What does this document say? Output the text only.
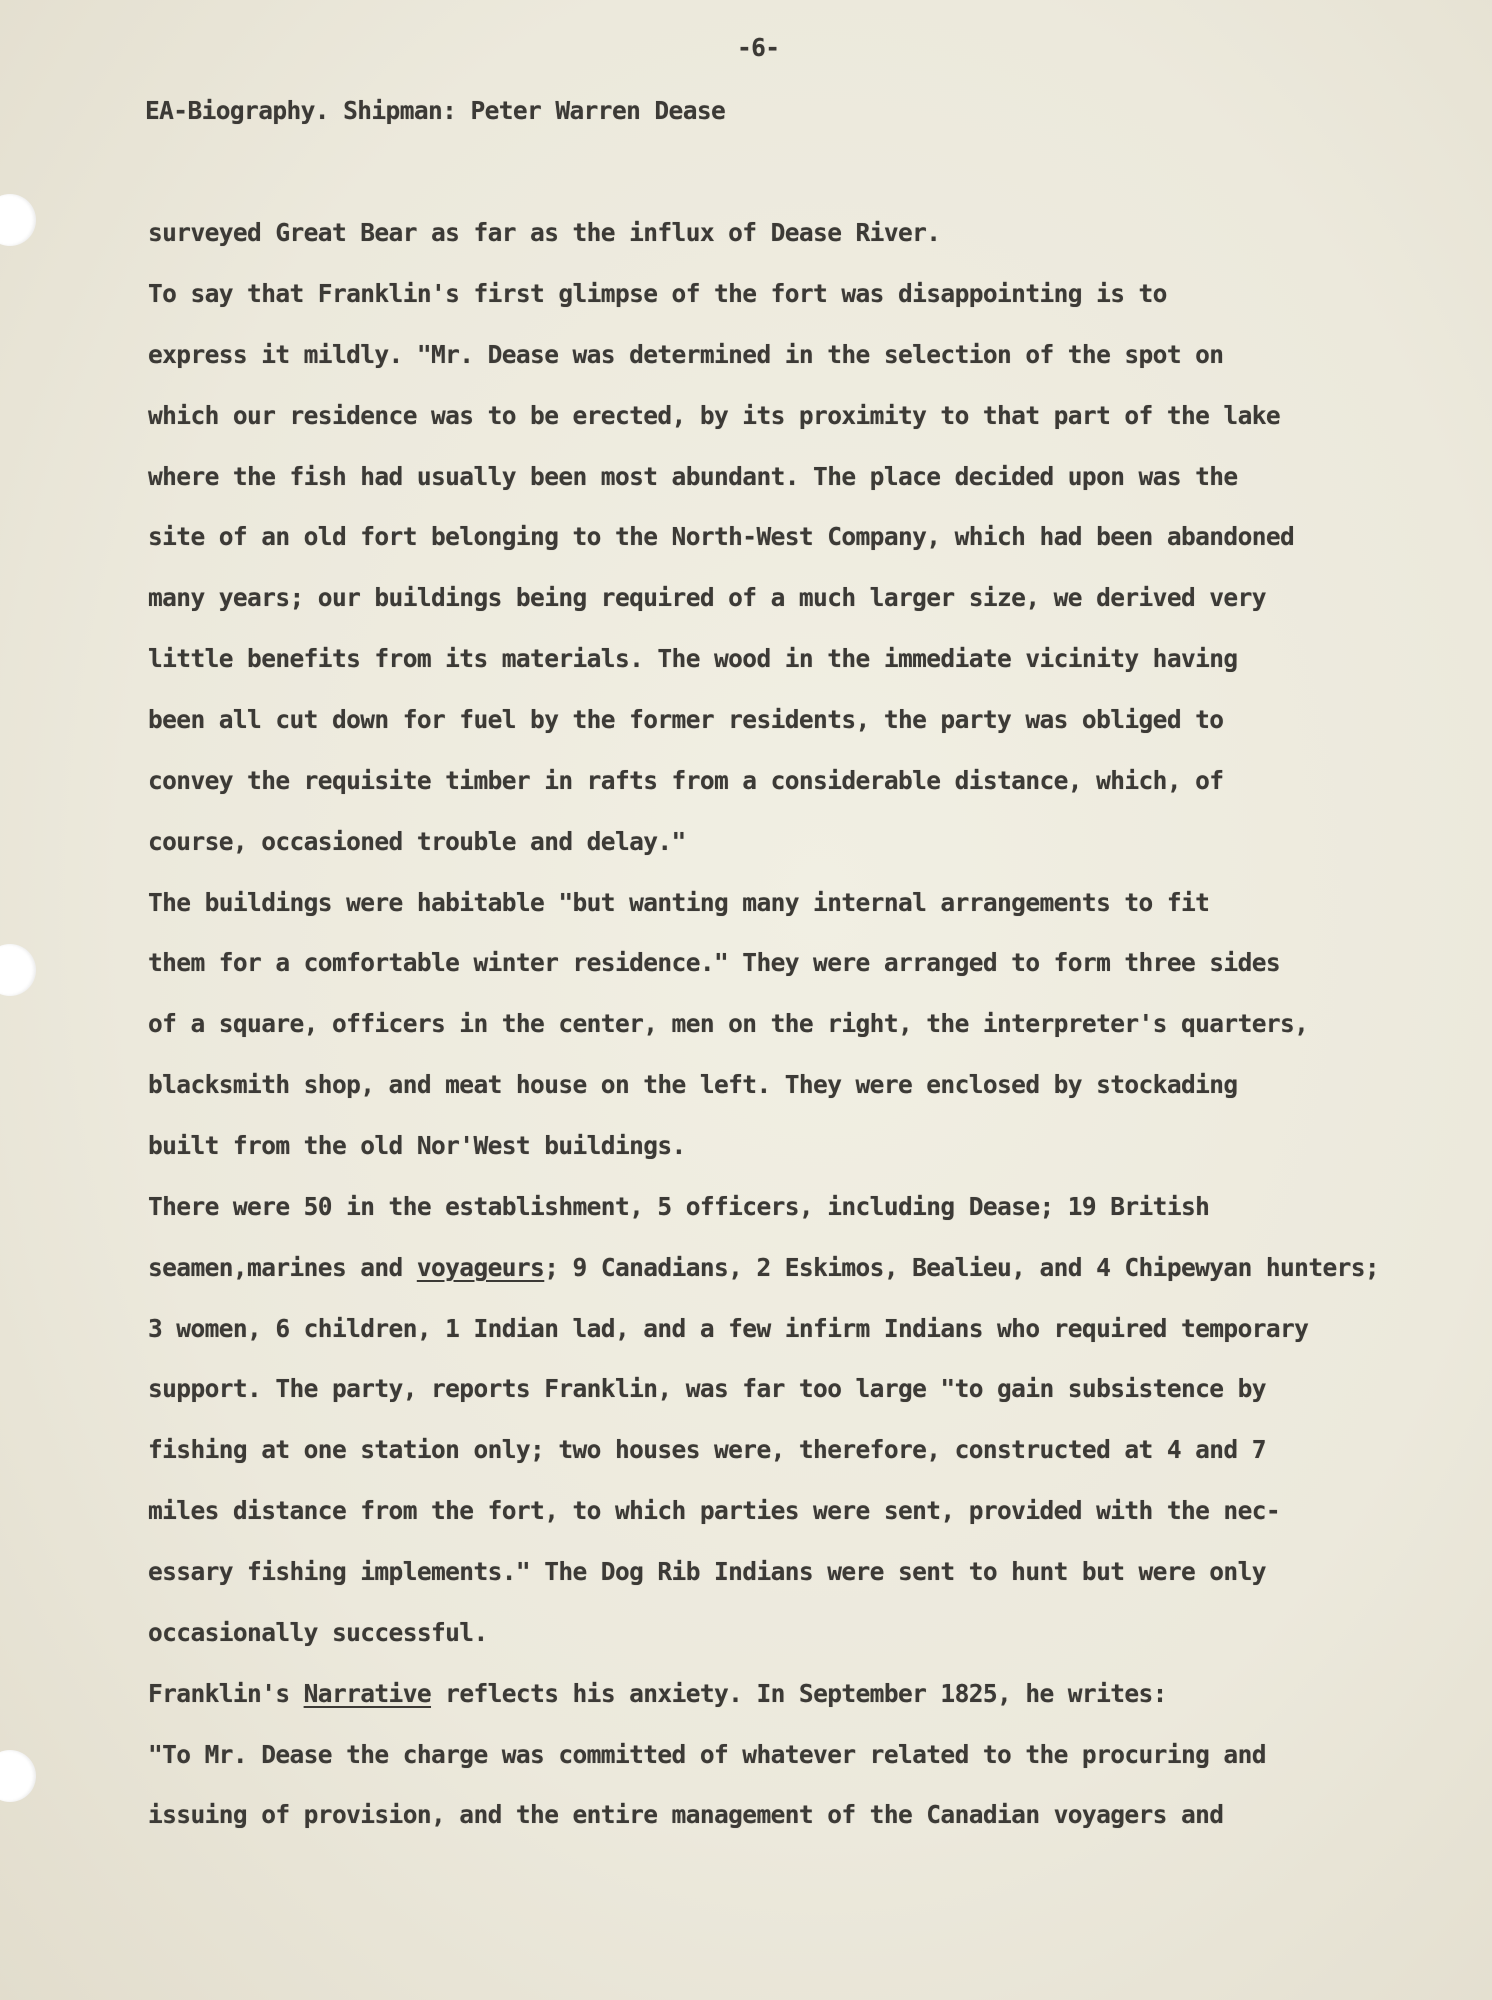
-6-
EA-Biography. Shipman: Peter Warren Dease
surveyed Great Bear as far as the influx of Dease River.
To say that Franklin's first glimpse of the fort was disappointing is to
express it mildly. "Mr. Dease was determined in the selection of the spot on
which our residence was to be erected, by its proximity to that part of the lake
where the fish had usually been most abundant. The place decided upon was the
site of an old fort belonging to the North-West Company, which had been abandoned
many years; our buildings being required of a much larger size, we derived very
little benefits from its materials. The wood in the immediate vicinity having
been all cut down for fuel by the former residents, the party was obliged to
convey the requisite timber in rafts from a considerable distance, which, of
course, occasioned trouble and delay."
The buildings were habitable "but wanting many internal arrangements to fit
them for a comfortable winter residence." They were arranged to form three sides
of a square, officers in the center, men on the right, the interpreter's quarters,
blacksmith shop, and meat house on the left. They were enclosed by stockading
built from the old Nor'West buildings.
There were 50 in the establishment, 5 officers, including Dease; 19 British
seamen,marines and voyageurs; 9 Canadians, 2 Eskimos, Bealieu, and 4 Chipewyan hunters;
3 women, 6 children, 1 Indian lad, and a few infirm Indians who required temporary
support. The party, reports Franklin, was far too large "to gain subsistence by
fishing at one station only; two houses were, therefore, constructed at 4 and 7
miles distance from the fort, to which parties were sent, provided with the nec-
essary fishing implements." The Dog Rib Indians were sent to hunt but were only
occasionally successful.
Franklin's Narrative reflects his anxiety. In September 1825, he writes:
"To Mr. Dease the charge was committed of whatever related to the procuring and
issuing of provision, and the entire management of the Canadian voyagers and
